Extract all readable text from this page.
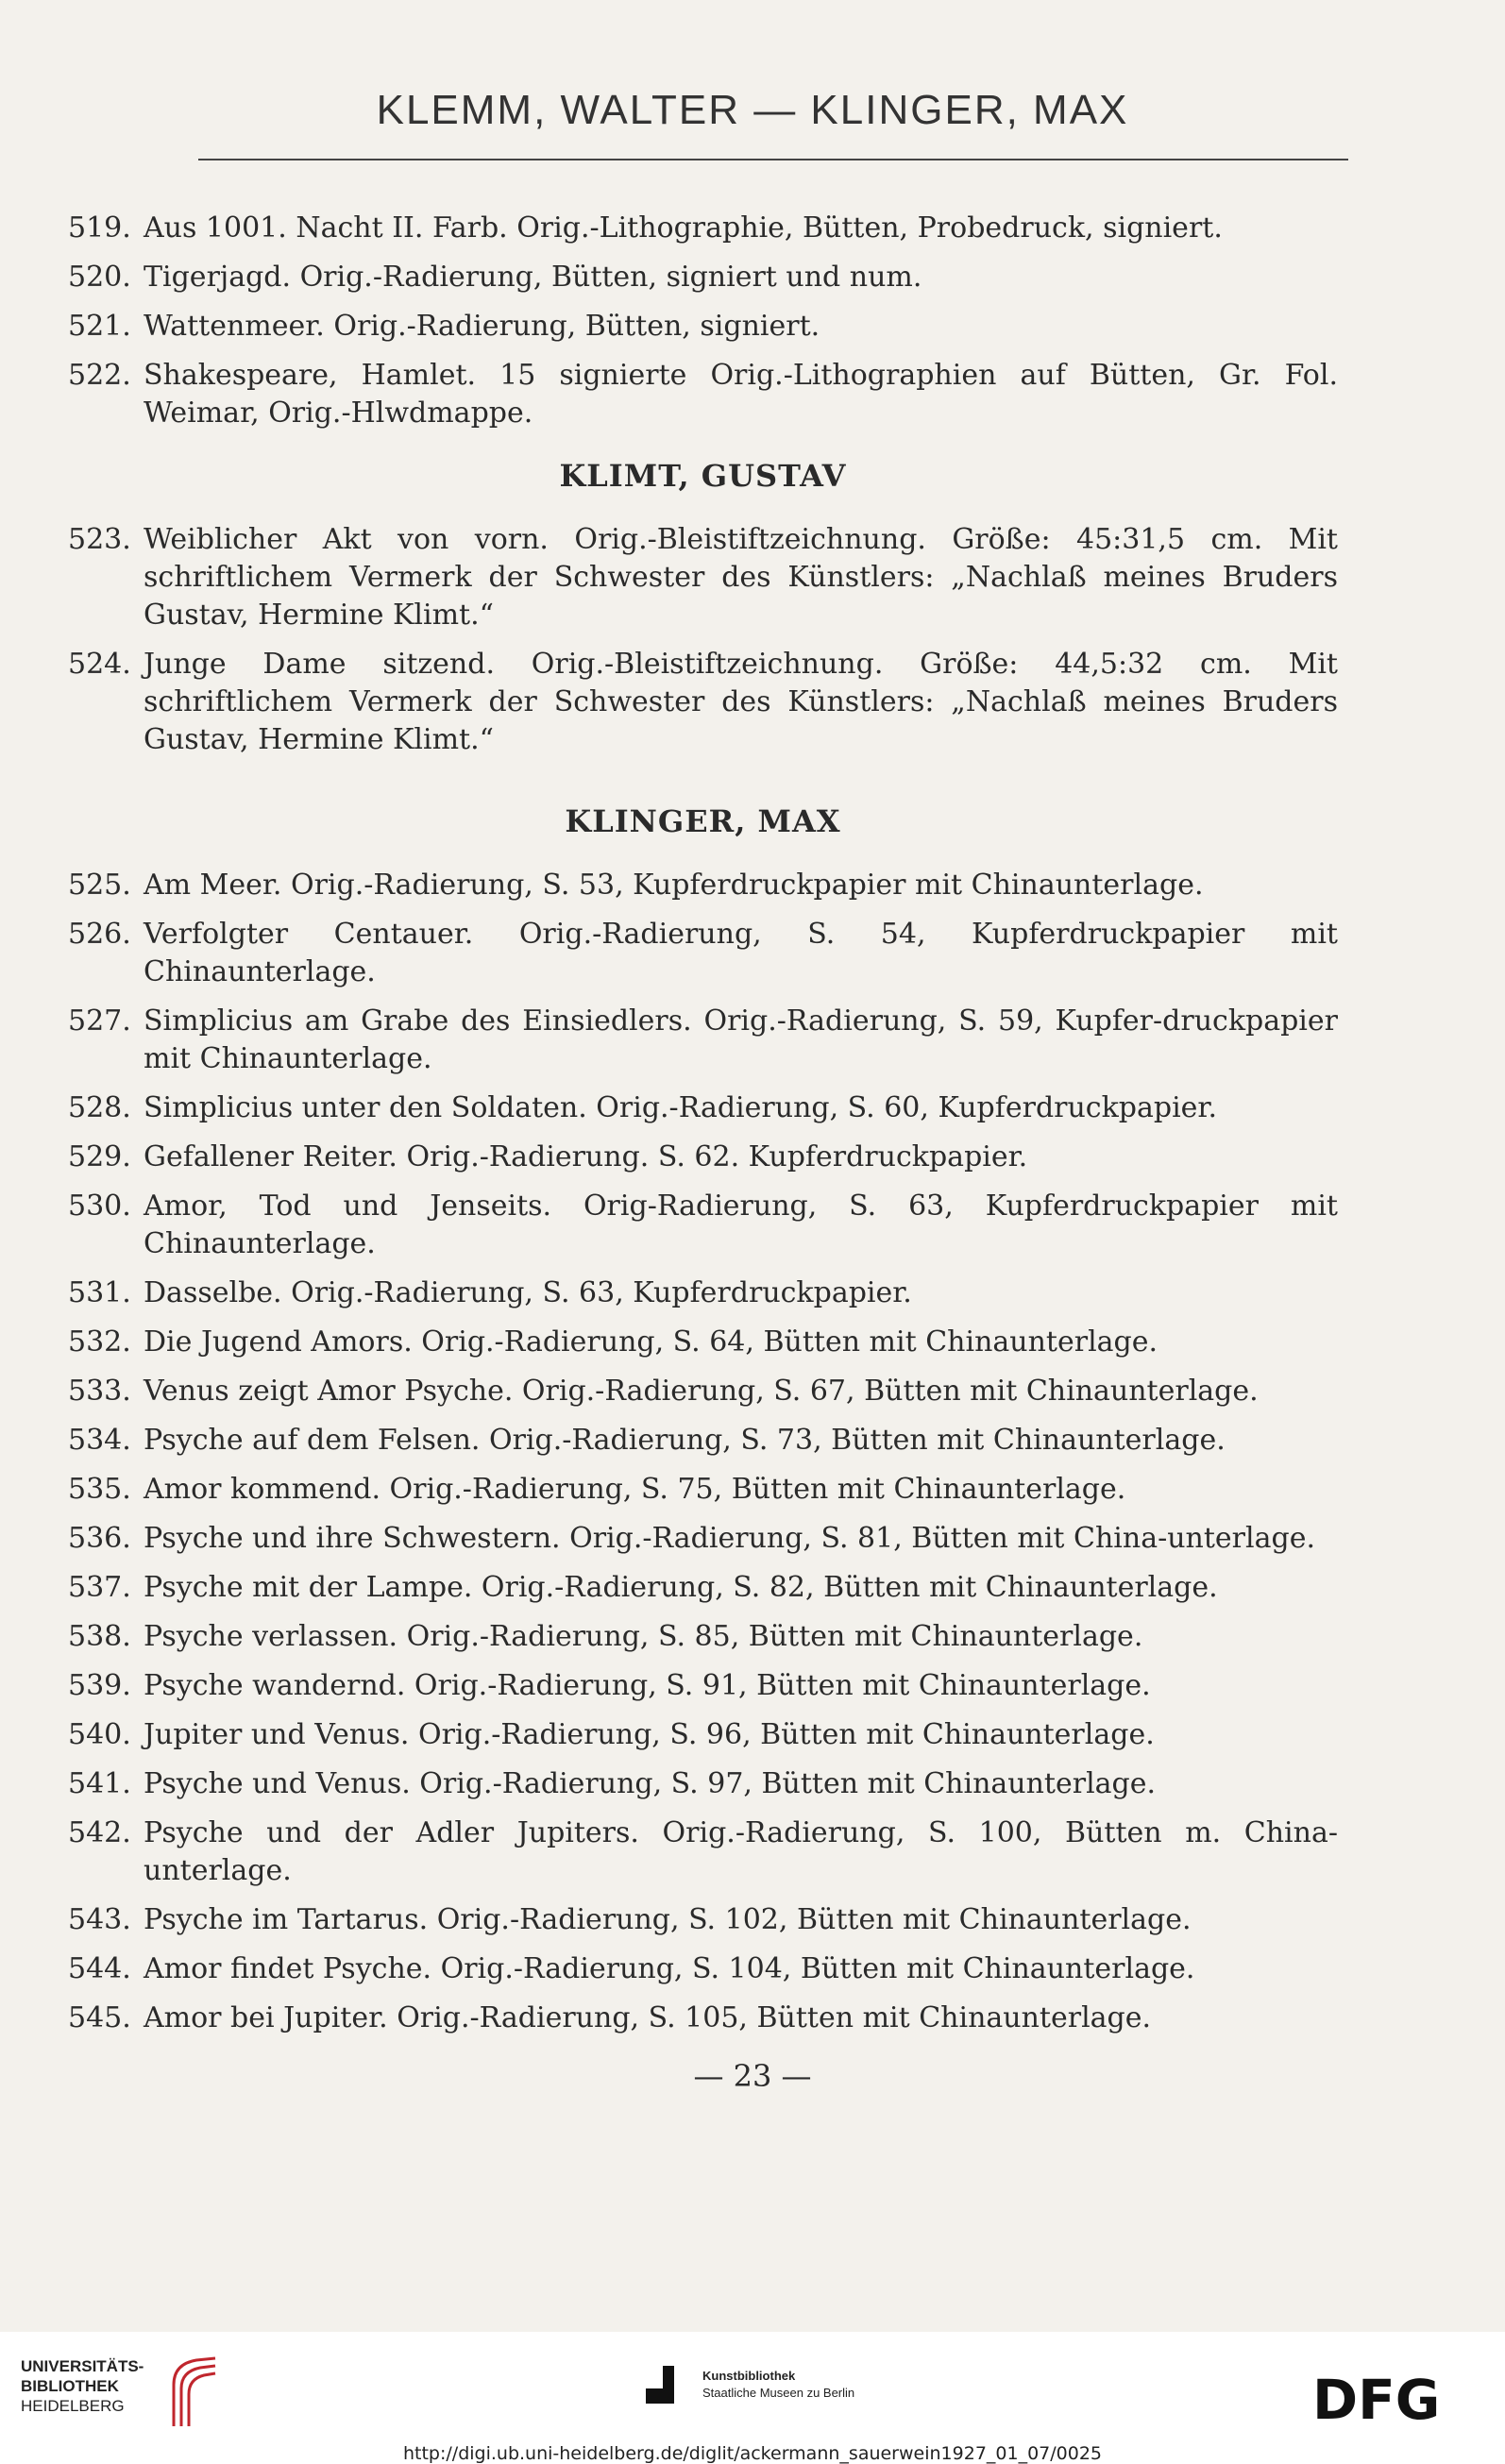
KLEMM, WALTER — KLINGER, MAX
519. Aus 1001. Nacht II. Farb. Orig.-Lithographie, Bütten, Probedruck, signiert.
520. Tigerjagd. Orig.-Radierung, Bütten, signiert und num.
521. Wattenmeer. Orig.-Radierung, Bütten, signiert.
522. Shakespeare, Hamlet. 15 signierte Orig.-Lithographien auf Bütten, Gr. Fol. Weimar, Orig.-Hlwdmappe.
KLIMT, GUSTAV
523. Weiblicher Akt von vorn. Orig.-Bleistiftzeichnung. Größe: 45:31,5 cm. Mit schriftlichem Vermerk der Schwester des Künstlers: „Nachlaß meines Bruders Gustav, Hermine Klimt.“
524. Junge Dame sitzend. Orig.-Bleistiftzeichnung. Größe: 44,5:32 cm. Mit schriftlichem Vermerk der Schwester des Künstlers: „Nachlaß meines Bruders Gustav, Hermine Klimt.“
KLINGER, MAX
525. Am Meer. Orig.-Radierung, S. 53, Kupferdruckpapier mit Chinaunterlage.
526. Verfolgter Centauer. Orig.-Radierung, S. 54, Kupferdruckpapier mit Chinaunterlage.
527. Simplicius am Grabe des Einsiedlers. Orig.-Radierung, S. 59, Kupfer-druckpapier mit Chinaunterlage.
528. Simplicius unter den Soldaten. Orig.-Radierung, S. 60, Kupferdruckpapier.
529. Gefallener Reiter. Orig.-Radierung. S. 62. Kupferdruckpapier.
530. Amor, Tod und Jenseits. Orig-Radierung, S. 63, Kupferdruckpapier mit Chinaunterlage.
531. Dasselbe. Orig.-Radierung, S. 63, Kupferdruckpapier.
532. Die Jugend Amors. Orig.-Radierung, S. 64, Bütten mit Chinaunterlage.
533. Venus zeigt Amor Psyche. Orig.-Radierung, S. 67, Bütten mit Chinaunterlage.
534. Psyche auf dem Felsen. Orig.-Radierung, S. 73, Bütten mit Chinaunterlage.
535. Amor kommend. Orig.-Radierung, S. 75, Bütten mit Chinaunterlage.
536. Psyche und ihre Schwestern. Orig.-Radierung, S. 81, Bütten mit China-unterlage.
537. Psyche mit der Lampe. Orig.-Radierung, S. 82, Bütten mit Chinaunterlage.
538. Psyche verlassen. Orig.-Radierung, S. 85, Bütten mit Chinaunterlage.
539. Psyche wandernd. Orig.-Radierung, S. 91, Bütten mit Chinaunterlage.
540. Jupiter und Venus. Orig.-Radierung, S. 96, Bütten mit Chinaunterlage.
541. Psyche und Venus. Orig.-Radierung, S. 97, Bütten mit Chinaunterlage.
542. Psyche und der Adler Jupiters. Orig.-Radierung, S. 100, Bütten m. China-unterlage.
543. Psyche im Tartarus. Orig.-Radierung, S. 102, Bütten mit Chinaunterlage.
544. Amor findet Psyche. Orig.-Radierung, S. 104, Bütten mit Chinaunterlage.
545. Amor bei Jupiter. Orig.-Radierung, S. 105, Bütten mit Chinaunterlage.
— 23 —
UNIVERSITÄTS-
BIBLIOTHEK
HEIDELBERG
Kunstbibliothek
Staatliche Museen zu Berlin	DFG
http://digi.ub.uni-heidelberg.de/diglit/ackermann_sauerwein1927_01_07/0025
